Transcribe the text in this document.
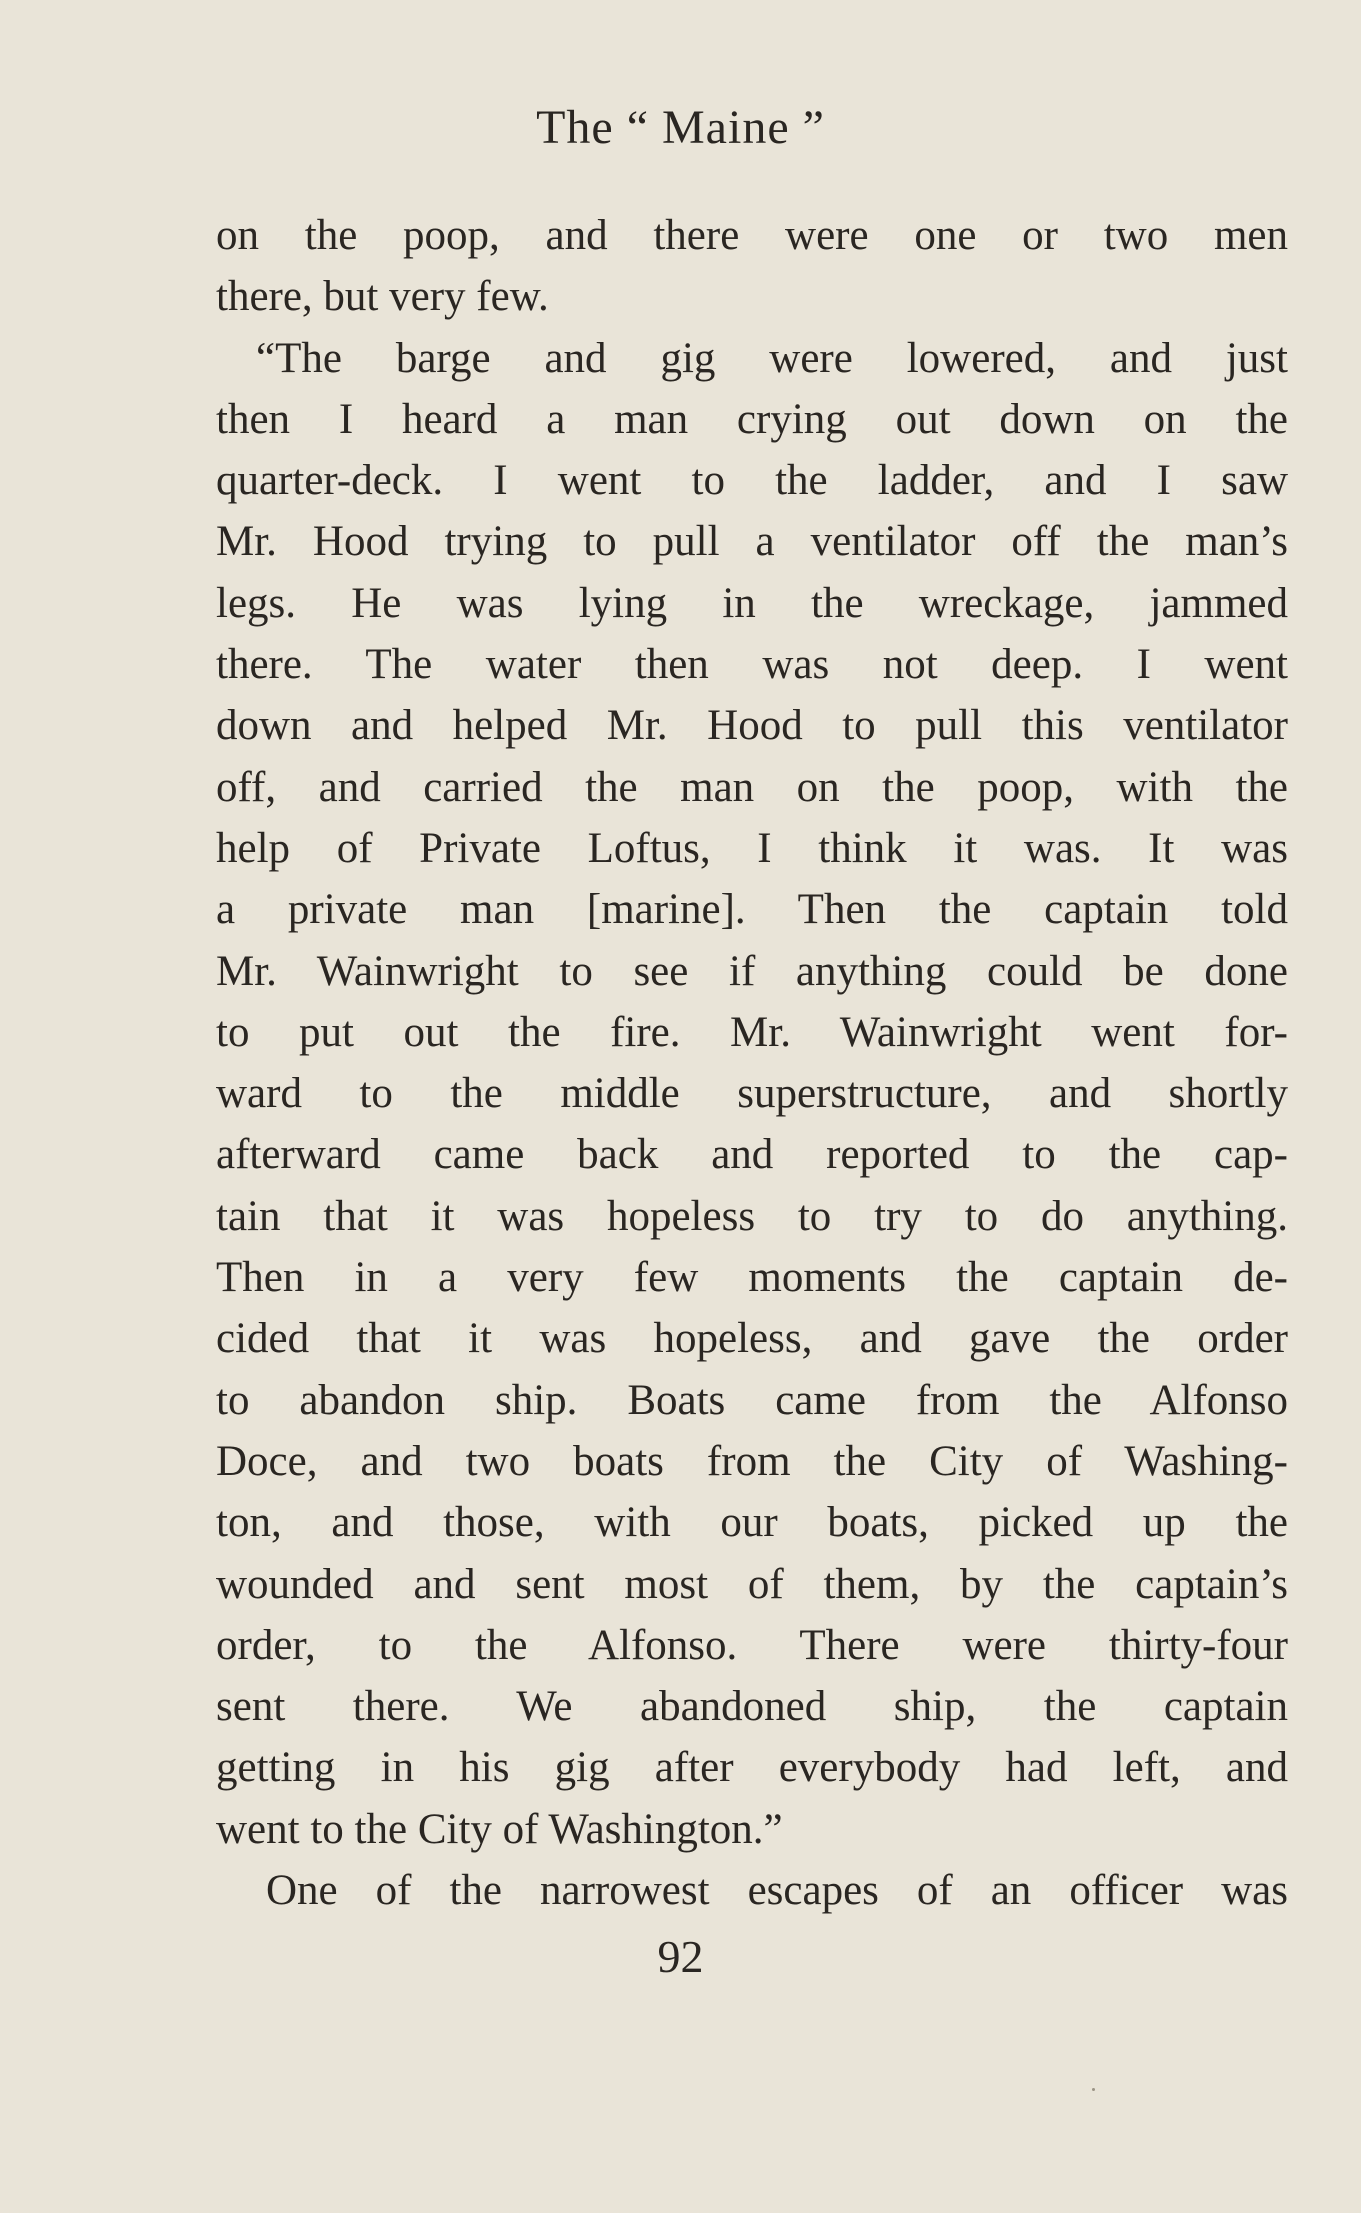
The “ Maine ”
on the poop, and there were one or two men
there, but very few.
“The barge and gig were lowered, and just
then I heard a man crying out down on the
quarter-deck. I went to the ladder, and I saw
Mr. Hood trying to pull a ventilator off the man’s
legs. He was lying in the wreckage, jammed
there. The water then was not deep. I went
down and helped Mr. Hood to pull this ventilator
off, and carried the man on the poop, with the
help of Private Loftus, I think it was. It was
a private man [marine]. Then the captain told
Mr. Wainwright to see if anything could be done
to put out the fire. Mr. Wainwright went for-
ward to the middle superstructure, and shortly
afterward came back and reported to the cap-
tain that it was hopeless to try to do anything.
Then in a very few moments the captain de-
cided that it was hopeless, and gave the order
to abandon ship. Boats came from the Alfonso
Doce, and two boats from the City of Washing-
ton, and those, with our boats, picked up the
wounded and sent most of them, by the captain’s
order, to the Alfonso. There were thirty-four
sent there. We abandoned ship, the captain
getting in his gig after everybody had left, and
went to the City of Washington.”
One of the narrowest escapes of an officer was
92
